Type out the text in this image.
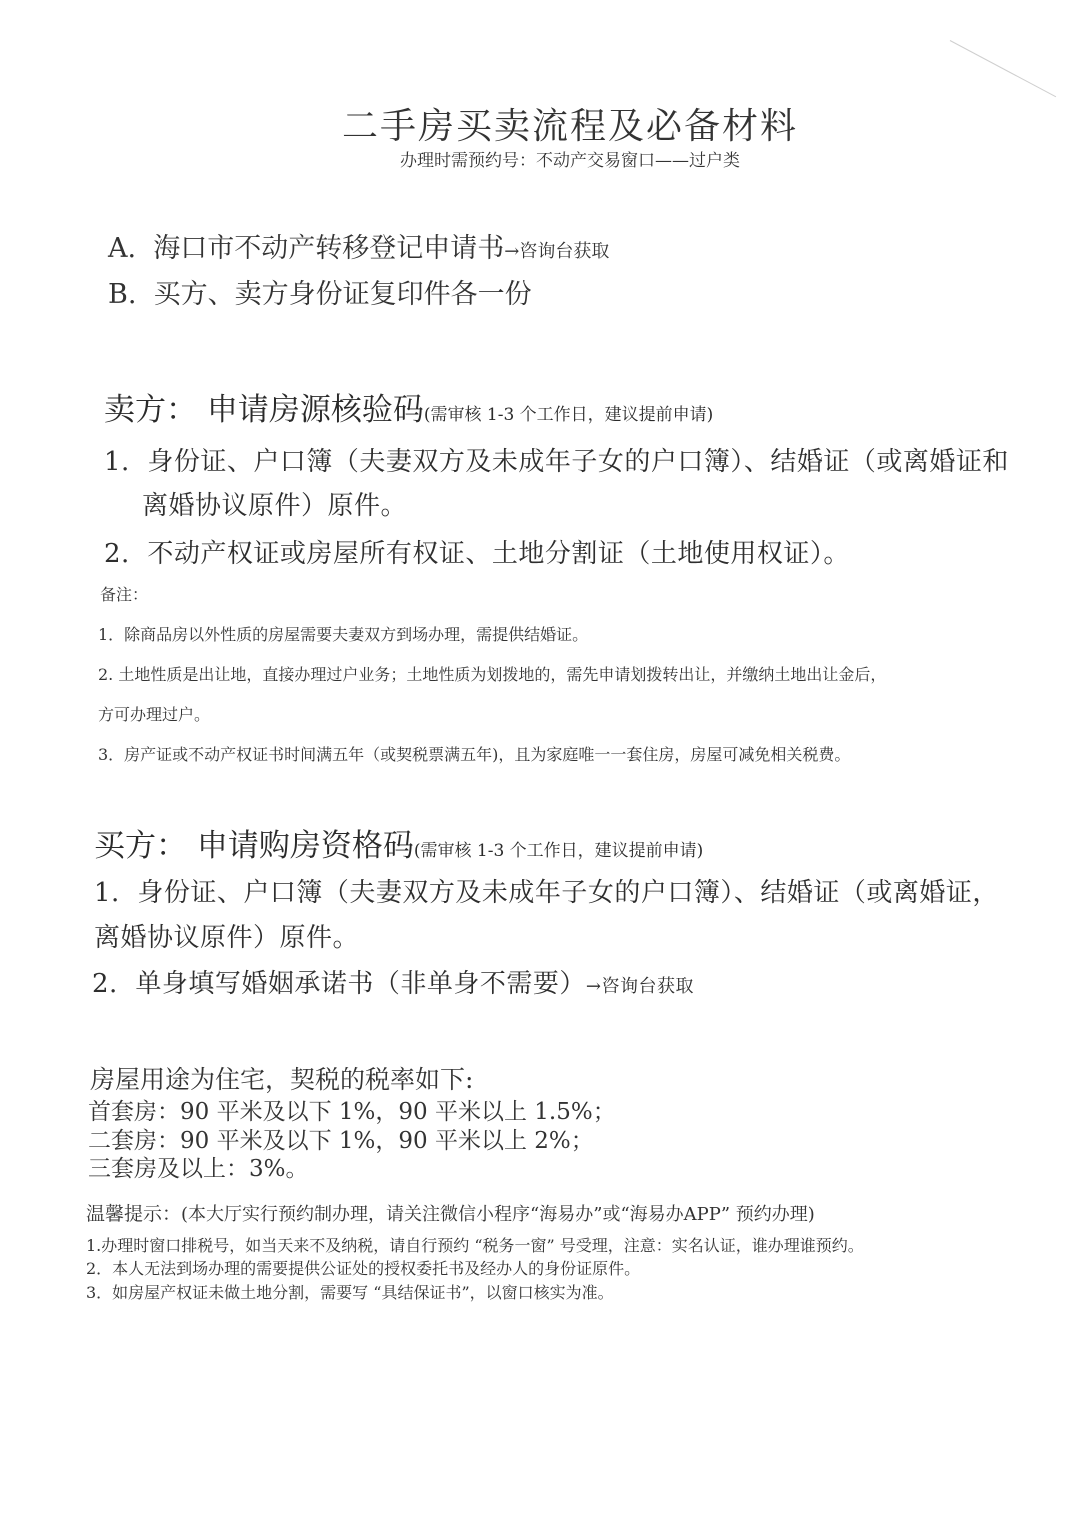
二手房买卖流程及必备材料
办理时需预约号：不动产交易窗口——过户类
A. 海口市不动产转移登记申请书→咨询台获取
B. 买方、卖方身份证复印件各一份
卖方： 申请房源核验码(需审核 1-3 个工作日，建议提前申请)
1. 身份证、户口簿（夫妻双方及未成年子女的户口簿）、结婚证（或离婚证和
离婚协议原件）原件。
2. 不动产权证或房屋所有权证、土地分割证（土地使用权证）。
备注：
1．除商品房以外性质的房屋需要夫妻双方到场办理，需提供结婚证。
2. 土地性质是出让地，直接办理过户业务；土地性质为划拨地的，需先申请划拨转出让，并缴纳土地出让金后，
方可办理过户。
3．房产证或不动产权证书时间满五年（或契税票满五年)，且为家庭唯一一套住房，房屋可减免相关税费。
买方： 申请购房资格码(需审核 1-3 个工作日，建议提前申请)
1. 身份证、户口簿（夫妻双方及未成年子女的户口簿）、结婚证（或离婚证，
离婚协议原件）原件。
2. 单身填写婚姻承诺书（非单身不需要）→咨询台获取
房屋用途为住宅，契税的税率如下:
首套房：90 平米及以下 1%，90 平米以上 1.5%；
二套房：90 平米及以下 1%，90 平米以上 2%；
三套房及以上：3%。
温馨提示：(本大厅实行预约制办理，请关注微信小程序“海易办”或“海易办APP” 预约办理)
1.办理时窗口排税号，如当天来不及纳税，请自行预约 “税务一窗” 号受理，注意：实名认证，谁办理谁预约。
2．本人无法到场办理的需要提供公证处的授权委托书及经办人的身份证原件。
3．如房屋产权证未做土地分割，需要写 “具结保证书”，以窗口核实为准。
